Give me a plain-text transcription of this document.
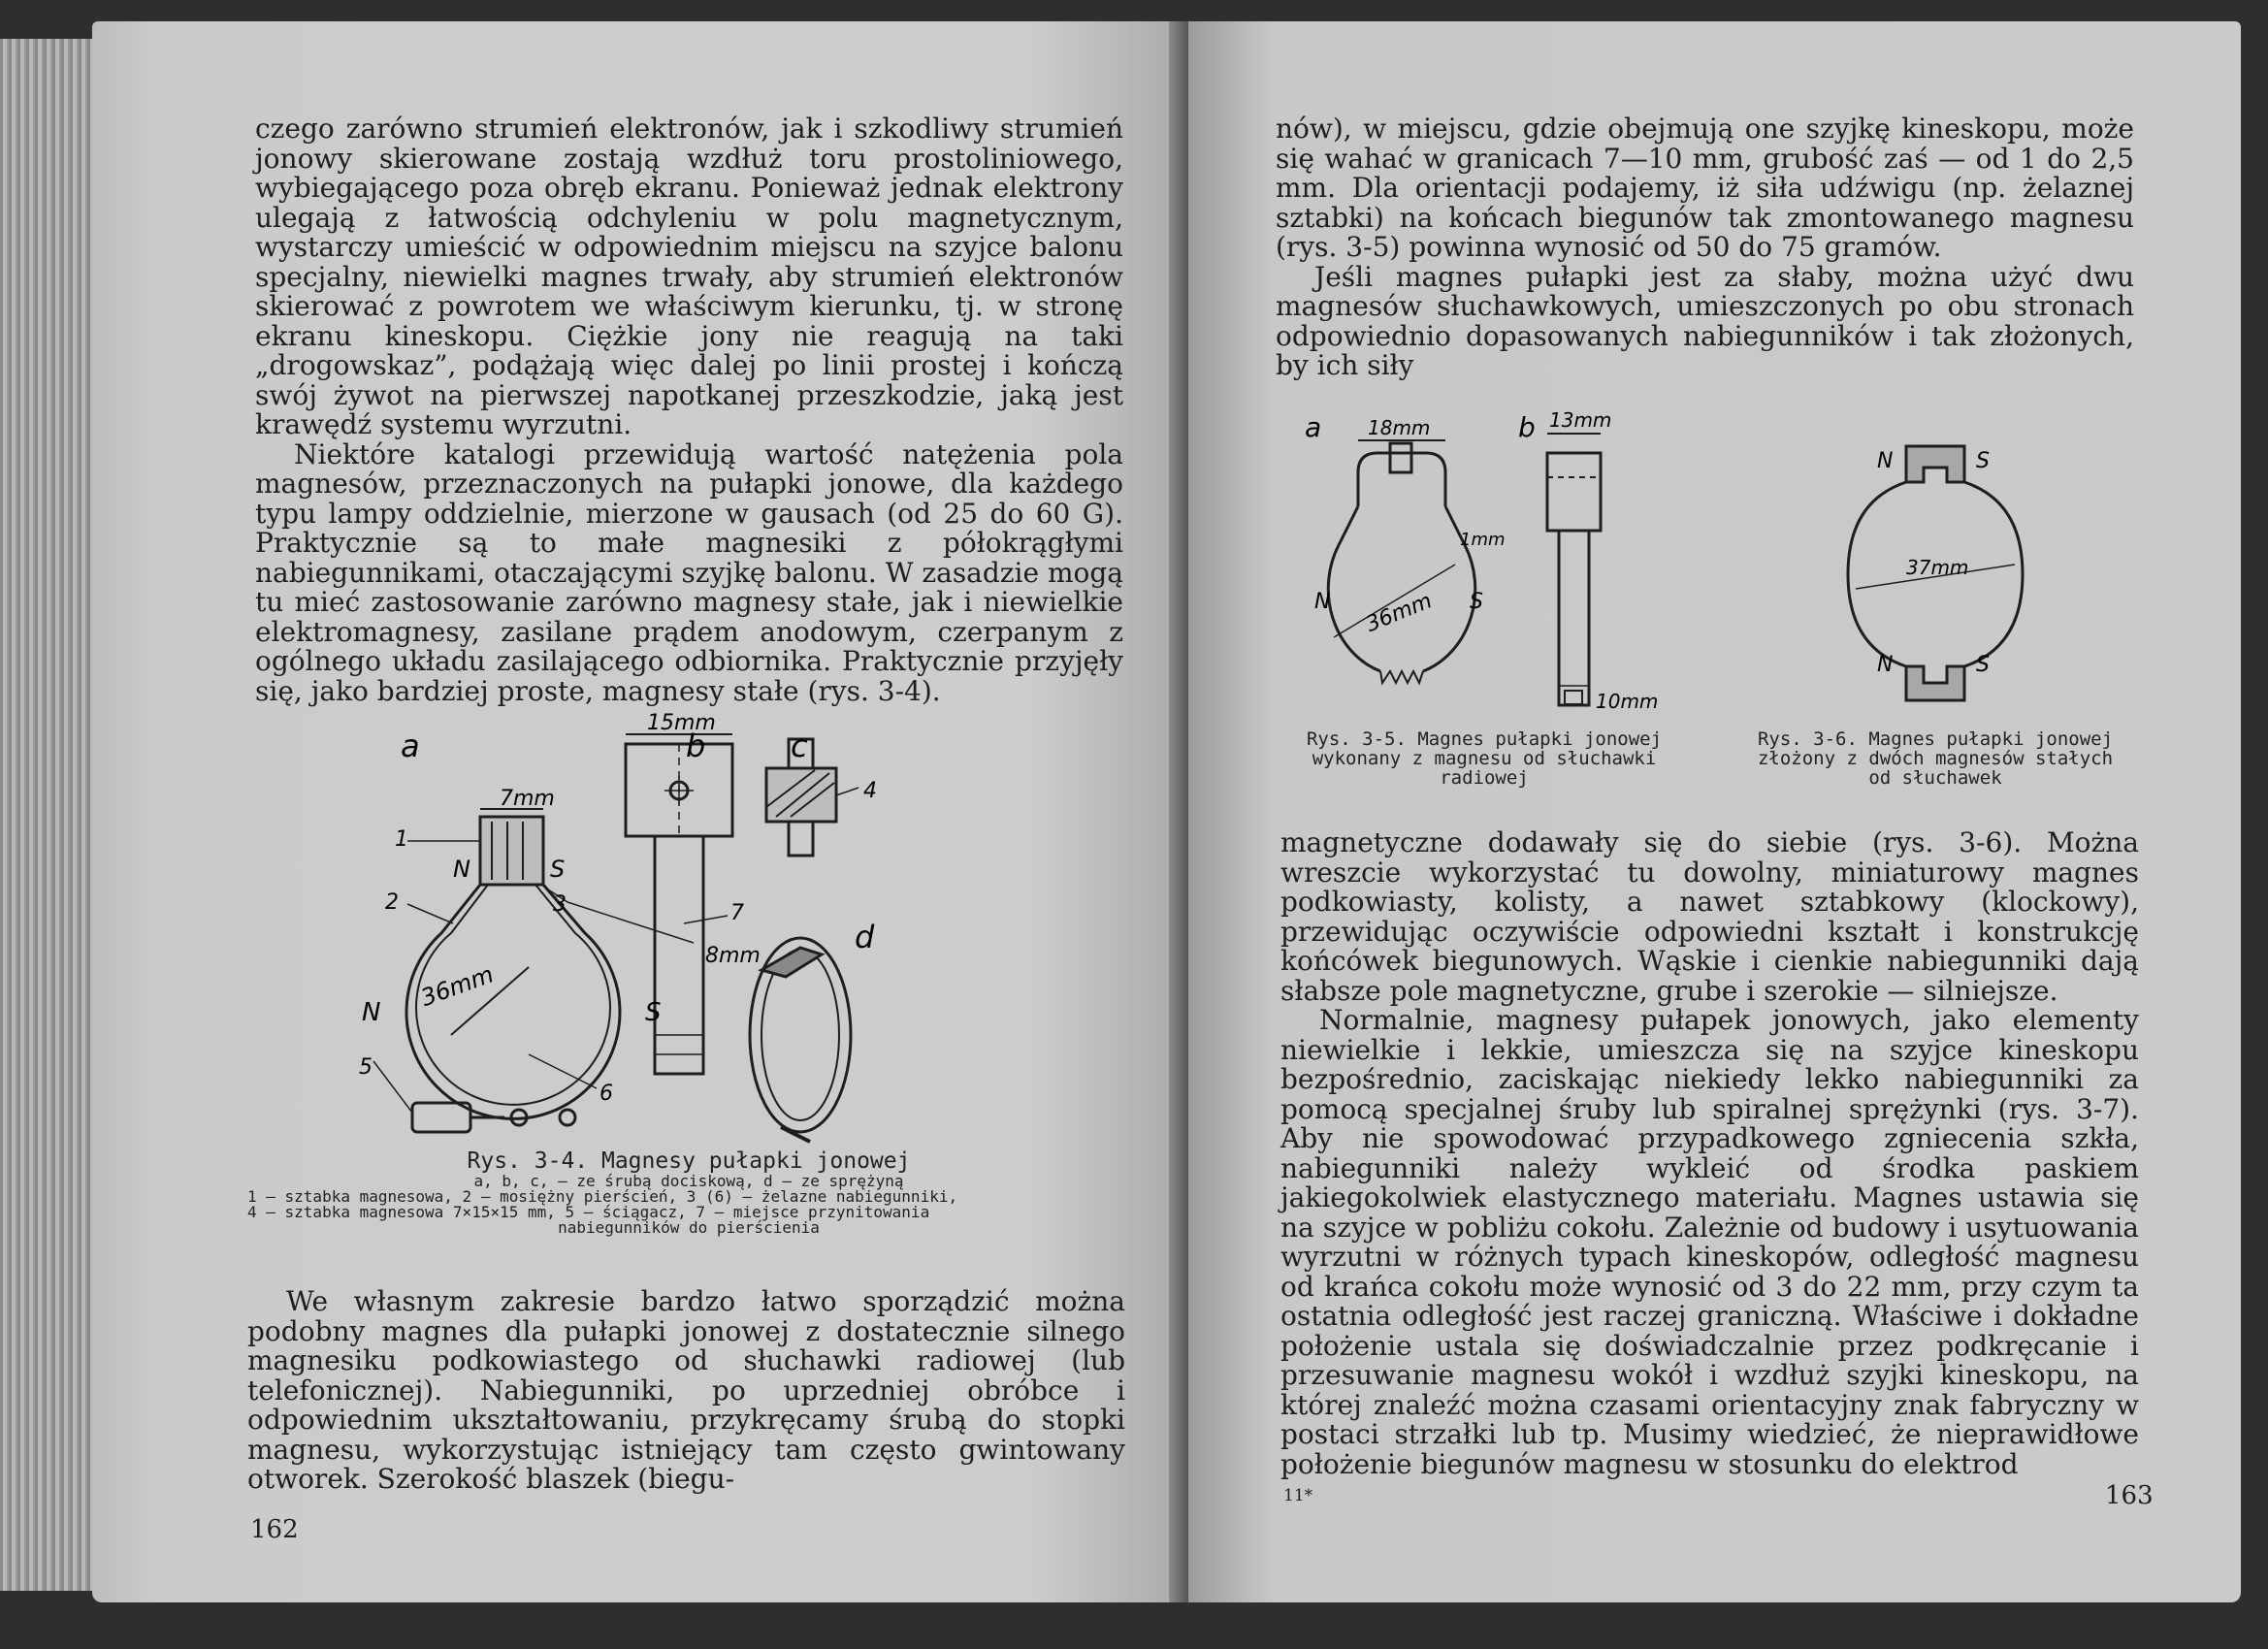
czego zarówno strumień elektronów, jak i szkodliwy strumień jonowy skierowane zostają wzdłuż toru prostoliniowego, wybiegającego poza obręb ekranu. Ponieważ jednak elektrony ulegają z łatwością odchyleniu w polu magnetycznym, wystarczy umieścić w odpowiednim miejscu na szyjce balonu specjalny, niewielki magnes trwały, aby strumień elektronów skierować z powrotem we właściwym kierunku, tj. w stronę ekranu kineskopu. Ciężkie jony nie reagują na taki „drogowskaz”, podążają więc dalej po linii prostej i kończą swój żywot na pierwszej napotkanej przeszkodzie, jaką jest krawędź systemu wyrzutni.

Niektóre katalogi przewidują wartość natężenia pola magnesów, przeznaczonych na pułapki jonowe, dla każdego typu lampy oddzielnie, mierzone w gausach (od 25 do 60 G). Praktycznie są to małe magnesiki z półokrągłymi nabiegunnikami, otaczającymi szyjkę balonu. W zasadzie mogą tu mieć zastosowanie zarówno magnesy stałe, jak i niewielkie elektromagnesy, zasilane prądem anodowym, czerpanym z ogólnego układu zasilającego odbiornika. Praktycznie przyjęły się, jako bardziej proste, magnesy stałe (rys. 3-4).

a	b	c
d
N	S
N	S
7mm
15mm
8mm
36mm
1
2	3
4
5
6
7
Rys. 3-4. Magnesy pułapki jonowej
a, b, c, — ze śrubą dociskową, d — ze sprężyną
1 — sztabka magnesowa, 2 — mosiężny pierścień, 3 (6) — żelazne nabiegunniki,
4 — sztabka magnesowa 7×15×15 mm, 5 — ściągacz, 7 — miejsce przynitowania
nabiegunników do pierścienia

We własnym zakresie bardzo łatwo sporządzić można podobny magnes dla pułapki jonowej z dostatecznie silnego magnesiku podkowiastego od słuchawki radiowej (lub telefonicznej). Nabiegunniki, po uprzedniej obróbce i odpowiednim ukształtowaniu, przykręcamy śrubą do stopki magnesu, wykorzystując istniejący tam często gwintowany otworek. Szerokość blaszek (biegu-

162

nów), w miejscu, gdzie obejmują one szyjkę kineskopu, może się wahać w granicach 7—10 mm, grubość zaś — od 1 do 2,5 mm. Dla orientacji podajemy, iż siła udźwigu (np. żelaznej sztabki) na końcach biegunów tak zmontowanego magnesu (rys. 3-5) powinna wynosić od 50 do 75 gramów.

Jeśli magnes pułapki jest za słaby, można użyć dwu magnesów słuchawkowych, umieszczonych po obu stronach odpowiednio dopasowanych nabiegunników i tak złożonych, by ich siły

a	b
18mm	13mm
1mm
36mm
10mm
N	S
N	S
N	S
37mm
Rys. 3-5. Magnes pułapki jonowej
wykonany z magnesu od słuchawki
radiowej
Rys. 3-6. Magnes pułapki jonowej
złożony z dwóch magnesów stałych
od słuchawek

magnetyczne dodawały się do siebie (rys. 3-6). Można wreszcie wykorzystać tu dowolny, miniaturowy magnes podkowiasty, kolisty, a nawet sztabkowy (klockowy), przewidując oczywiście odpowiedni kształt i konstrukcję końcówek biegunowych. Wąskie i cienkie nabiegunniki dają słabsze pole magnetyczne, grube i szerokie — silniejsze.

Normalnie, magnesy pułapek jonowych, jako elementy niewielkie i lekkie, umieszcza się na szyjce kineskopu bezpośrednio, zaciskając niekiedy lekko nabiegunniki za pomocą specjalnej śruby lub spiralnej sprężynki (rys. 3-7). Aby nie spowodować przypadkowego zgniecenia szkła, nabiegunniki należy wykleić od środka paskiem jakiegokolwiek elastycznego materiału. Magnes ustawia się na szyjce w pobliżu cokołu. Zależnie od budowy i usytuowania wyrzutni w różnych typach kineskopów, odległość magnesu od krańca cokołu może wynosić od 3 do 22 mm, przy czym ta ostatnia odległość jest raczej graniczną. Właściwe i dokładne położenie ustala się doświadczalnie przez podkręcanie i przesuwanie magnesu wokół i wzdłuż szyjki kineskopu, na której znaleźć można czasami orientacyjny znak fabryczny w postaci strzałki lub tp. Musimy wiedzieć, że nieprawidłowe położenie biegunów magnesu w stosunku do elektrod

11*	163
